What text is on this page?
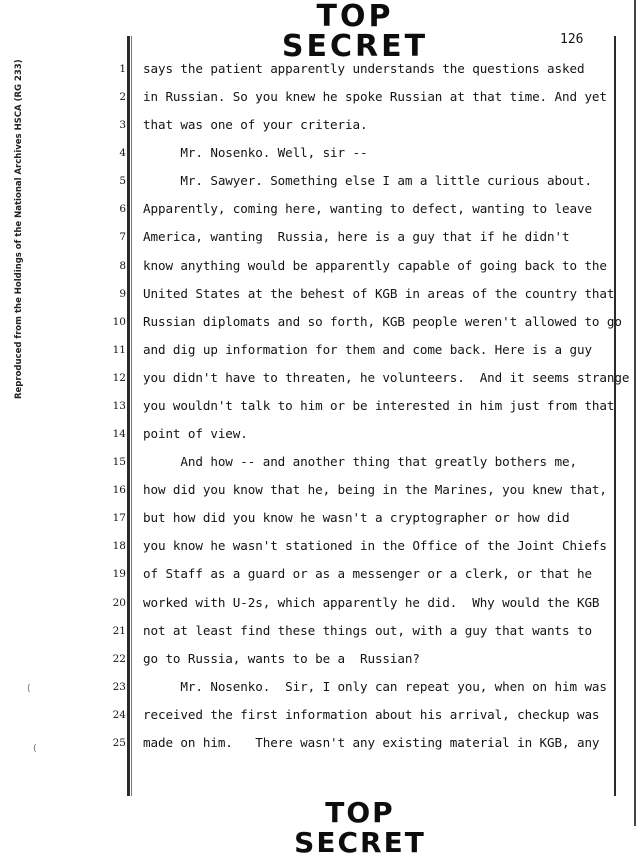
TOP SECRET	126
Reproduced from the Holdings of the National Archives HSCA (RG 233)
(
(
1 says the patient apparently understands the questions asked
2 in Russian. So you knew he spoke Russian at that time. And yet
3 that was one of your criteria.
4 Mr. Nosenko. Well, sir --
5 Mr. Sawyer. Something else I am a little curious about.
6 Apparently, coming here, wanting to defect, wanting to leave
7 America, wanting  Russia, here is a guy that if he didn't
8 know anything would be apparently capable of going back to the
9 United States at the behest of KGB in areas of the country that
10 Russian diplomats and so forth, KGB people weren't allowed to go
11 and dig up information for them and come back. Here is a guy
12 you didn't have to threaten, he volunteers.  And it seems strange
13 you wouldn't talk to him or be interested in him just from that
14 point of view.
15 And how -- and another thing that greatly bothers me,
16 how did you know that he, being in the Marines, you knew that,
17 but how did you know he wasn't a cryptographer or how did
18 you know he wasn't stationed in the Office of the Joint Chiefs
19 of Staff as a guard or as a messenger or a clerk, or that he
20 worked with U-2s, which apparently he did.  Why would the KGB
21 not at least find these things out, with a guy that wants to
22 go to Russia, wants to be a  Russian?
23 Mr. Nosenko.  Sir, I only can repeat you, when on him was
24 received the first information about his arrival, checkup was
25 made on him.   There wasn't any existing material in KGB, any
TOP SECRET
